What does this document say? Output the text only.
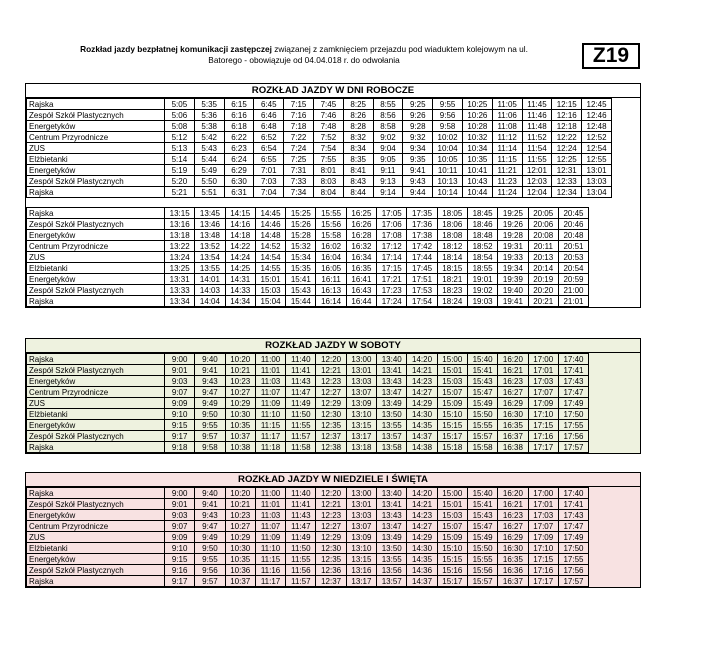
Rozkład jazdy bezpłatnej komunikacji zastępczej związanej z zamknięciem przejazdu pod wiaduktem kolejowym na ul.
Batorego - obowiązuje od 04.04.018 r. do odwołania	Z19
ROZKŁAD JAZDY W DNI ROBOCZE
Rajska	5:05	5:35	6:15	6:45	7:15	7:45	8:25	8:55	9:25	9:55	10:25	11:05	11:45	12:15	12:45
Zespół Szkół Plastycznych	5:06	5:36	6:16	6:46	7:16	7:46	8:26	8:56	9:26	9:56	10:26	11:06	11:46	12:16	12:46
Energetyków	5:08	5:38	6:18	6:48	7:18	7:48	8:28	8:58	9:28	9:58	10:28	11:08	11:48	12:18	12:48
Centrum Przyrodnicze	5:12	5:42	6:22	6:52	7:22	7:52	8:32	9:02	9:32	10:02	10:32	11:12	11:52	12:22	12:52
ZUS	5:13	5:43	6:23	6:54	7:24	7:54	8:34	9:04	9:34	10:04	10:34	11:14	11:54	12:24	12:54
Elżbietanki	5:14	5:44	6:24	6:55	7:25	7:55	8:35	9:05	9:35	10:05	10:35	11:15	11:55	12:25	12:55
Energetyków	5:19	5:49	6:29	7:01	7:31	8:01	8:41	9:11	9:41	10:11	10:41	11:21	12:01	12:31	13:01
Zespół Szkół Plastycznych	5:20	5:50	6:30	7:03	7:33	8:03	8:43	9:13	9:43	10:13	10:43	11:23	12:03	12:33	13:03
Rajska	5:21	5:51	6:31	7:04	7:34	8:04	8:44	9:14	9:44	10:14	10:44	11:24	12:04	12:34	13:04
Rajska	13:15	13:45	14:15	14:45	15:25	15:55	16:25	17:05	17:35	18:05	18:45	19:25	20:05	20:45
Zespół Szkół Plastycznych	13:16	13:46	14:16	14:46	15:26	15:56	16:26	17:06	17:36	18:06	18:46	19:26	20:06	20:46
Energetyków	13:18	13:48	14:18	14:48	15:28	15:58	16:28	17:08	17:38	18:08	18:48	19:28	20:08	20:48
Centrum Przyrodnicze	13:22	13:52	14:22	14:52	15:32	16:02	16:32	17:12	17:42	18:12	18:52	19:31	20:11	20:51
ZUS	13:24	13:54	14:24	14:54	15:34	16:04	16:34	17:14	17:44	18:14	18:54	19:33	20:13	20:53
Elżbietanki	13:25	13:55	14:25	14:55	15:35	16:05	16:35	17:15	17:45	18:15	18:55	19:34	20:14	20:54
Energetyków	13:31	14:01	14:31	15:01	15:41	16:11	16:41	17:21	17:51	18:21	19:01	19:39	20:19	20:59
Zespół Szkół Plastycznych	13:33	14:03	14:33	15:03	15:43	16:13	16:43	17:23	17:53	18:23	19:02	19:40	20:20	21:00
Rajska	13:34	14:04	14:34	15:04	15:44	16:14	16:44	17:24	17:54	18:24	19:03	19:41	20:21	21:01
ROZKŁAD JAZDY W SOBOTY
Rajska	9:00	9:40	10:20	11:00	11:40	12:20	13:00	13:40	14:20	15:00	15:40	16:20	17:00	17:40
Zespół Szkół Plastycznych	9:01	9:41	10:21	11:01	11:41	12:21	13:01	13:41	14:21	15:01	15:41	16:21	17:01	17:41
Energetyków	9:03	9:43	10:23	11:03	11:43	12:23	13:03	13:43	14:23	15:03	15:43	16:23	17:03	17:43
Centrum Przyrodnicze	9:07	9:47	10:27	11:07	11:47	12:27	13:07	13:47	14:27	15:07	15:47	16:27	17:07	17:47
ZUS	9:09	9:49	10:29	11:09	11:49	12:29	13:09	13:49	14:29	15:09	15:49	16:29	17:09	17:49
Elżbietanki	9:10	9:50	10:30	11:10	11:50	12:30	13:10	13:50	14:30	15:10	15:50	16:30	17:10	17:50
Energetyków	9:15	9:55	10:35	11:15	11:55	12:35	13:15	13:55	14:35	15:15	15:55	16:35	17:15	17:55
Zespół Szkół Plastycznych	9:17	9:57	10:37	11:17	11:57	12:37	13:17	13:57	14:37	15:17	15:57	16:37	17:16	17:56
Rajska	9:18	9:58	10:38	11:18	11:58	12:38	13:18	13:58	14:38	15:18	15:58	16:38	17:17	17:57
ROZKŁAD JAZDY W NIEDZIELE I ŚWIĘTA
Rajska	9:00	9:40	10:20	11:00	11:40	12:20	13:00	13:40	14:20	15:00	15:40	16:20	17:00	17:40
Zespół Szkół Plastycznych	9:01	9:41	10:21	11:01	11:41	12:21	13:01	13:41	14:21	15:01	15:41	16:21	17:01	17:41
Energetyków	9:03	9:43	10:23	11:03	11:43	12:23	13:03	13:43	14:23	15:03	15:43	16:23	17:03	17:43
Centrum Przyrodnicze	9:07	9:47	10:27	11:07	11:47	12:27	13:07	13:47	14:27	15:07	15:47	16:27	17:07	17:47
ZUS	9:09	9:49	10:29	11:09	11:49	12:29	13:09	13:49	14:29	15:09	15:49	16:29	17:09	17:49
Elżbietanki	9:10	9:50	10:30	11:10	11:50	12:30	13:10	13:50	14:30	15:10	15:50	16:30	17:10	17:50
Energetyków	9:15	9:55	10:35	11:15	11:55	12:35	13:15	13:55	14:35	15:15	15:55	16:35	17:15	17:55
Zespół Szkół Plastycznych	9:16	9:56	10:36	11:16	11:56	12:36	13:16	13:56	14:36	15:16	15:56	16:36	17:16	17:56
Rajska	9:17	9:57	10:37	11:17	11:57	12:37	13:17	13:57	14:37	15:17	15:57	16:37	17:17	17:57
